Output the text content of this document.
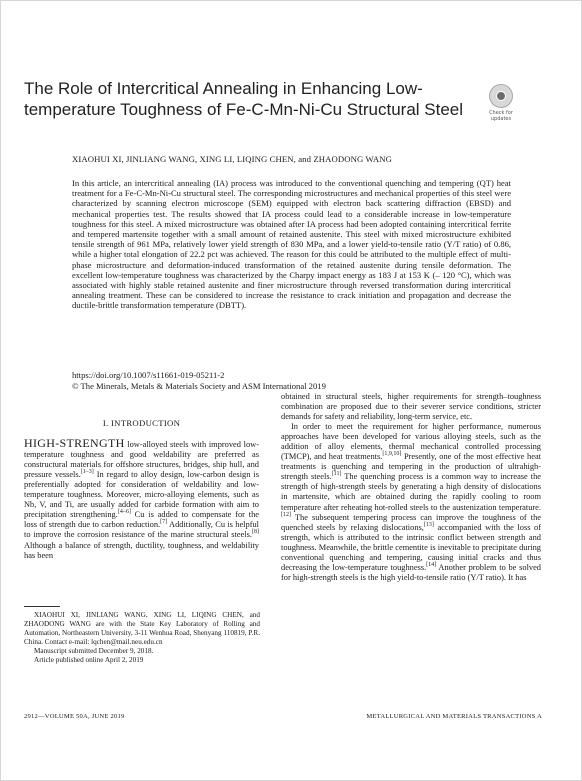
The Role of Intercritical Annealing in Enhancing Low-temperature Toughness of Fe-C-Mn-Ni-Cu Structural Steel	Check for updates
XIAOHUI XI, JINLIANG WANG, XING LI, LIQING CHEN, and ZHAODONG WANG

In this article, an intercritical annealing (IA) process was introduced to the conventional quenching and tempering (QT) heat treatment for a Fe-C-Mn-Ni-Cu structural steel. The corresponding microstructures and mechanical properties of this steel were characterized by scanning electron microscope (SEM) equipped with electron back scattering diffraction (EBSD) and mechanical properties test. The results showed that IA process could lead to a considerable increase in low-temperature toughness for this steel. A mixed microstructure was obtained after IA process had been adopted containing intercritical ferrite and tempered martensite together with a small amount of retained austenite. This steel with mixed microstructure exhibited tensile strength of 961 MPa, relatively lower yield strength of 830 MPa, and a lower yield-to-tensile ratio (Y/T ratio) of 0.86, while a higher total elongation of 22.2 pct was achieved. The reason for this could be attributed to the multiple effect of multi-phase microstructure and deformation-induced transformation of the retained austenite during tensile deformation. The excellent low-temperature toughness was characterized by the Charpy impact energy as 183 J at 153 K (– 120 °C), which was associated with highly stable retained austenite and finer microstructure through reversed transformation during intercritical annealing treatment. These can be considered to increase the resistance to crack initiation and propagation and decrease the ductile-brittle transformation temperature (DBTT).

https://doi.org/10.1007/s11661-019-05211-2
© The Minerals, Metals & Materials Society and ASM International 2019
I. INTRODUCTION

HIGH-STRENGTH low-alloyed steels with improved low-temperature toughness and good weldability are preferred as constructural materials for offshore structures, bridges, ship hull, and pressure vessels.[1–3] In regard to alloy design, low-carbon design is preferentially adopted for consideration of weldability and low-temperature toughness. Moreover, micro-alloying elements, such as Nb, V, and Ti, are usually added for carbide formation with aim to precipitation strengthening.[4–6] Cu is added to compensate for the loss of strength due to carbon reduction.[7] Additionally, Cu is helpful to improve the corrosion resistance of the marine structural steels.[8] Although a balance of strength, ductility, toughness, and weldability has been

obtained in structural steels, higher requirements for strength–toughness combination are proposed due to their severer service conditions, stricter demands for safety and reliability, long-term service, etc.

In order to meet the requirement for higher performance, numerous approaches have been developed for various alloying steels, such as the addition of alloy elements, thermal mechanical controlled processing (TMCP), and heat treatments.[1,9,10] Presently, one of the most effective heat treatments is quenching and tempering in the production of ultrahigh-strength steels.[11] The quenching process is a common way to increase the strength of high-strength steels by generating a high density of dislocations in martensite, which are obtained during the rapidly cooling to room temperature after reheating hot-rolled steels to the austenization temperature.[12] The subsequent tempering process can improve the toughness of the quenched steels by relaxing dislocations,[13] accompanied with the loss of strength, which is attributed to the intrinsic conflict between strength and toughness. Meanwhile, the brittle cementite is inevitable to precipitate during conventional quenching and tempering, causing initial cracks and thus decreasing the low-temperature toughness.[14] Another problem to be solved for high-strength steels is the high yield-to-tensile ratio (Y/T ratio). It has

XIAOHUI XI, JINLIANG WANG, XING LI, LIQING CHEN, and ZHAODONG WANG are with the State Key Laboratory of Rolling and Automation, Northeastern University, 3-11 Wenhua Road, Shenyang 110819, P.R. China. Contact e-mail: lqchen@mail.neu.edu.cn

Manuscript submitted December 9, 2018.

Article published online April 2, 2019

2912—VOLUME 50A, JUNE 2019	METALLURGICAL AND MATERIALS TRANSACTIONS A
